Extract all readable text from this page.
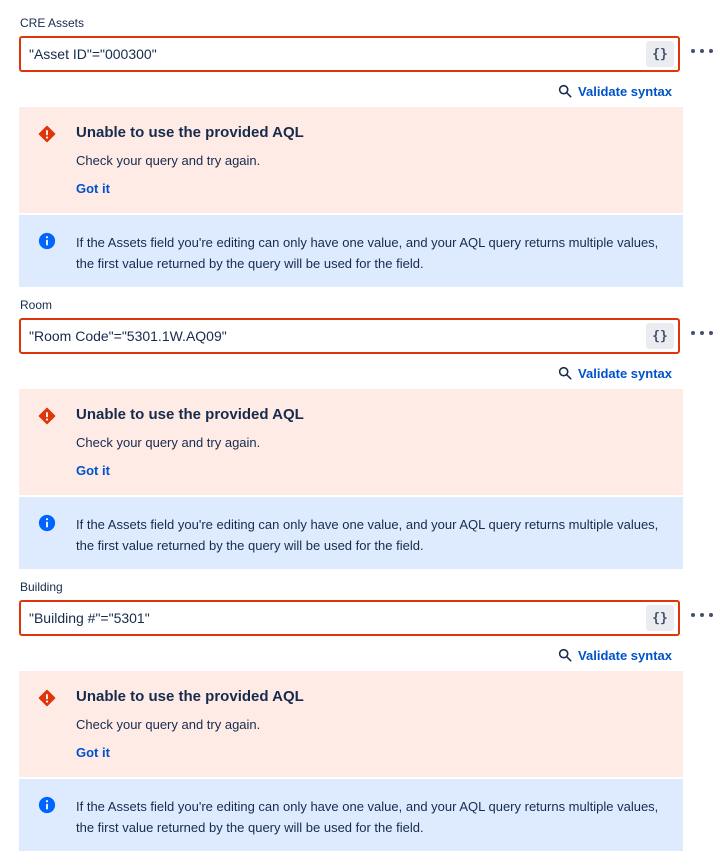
CRE Assets
"Asset ID"="000300"	{}
Validate syntax
Unable to use the provided AQL
Check your query and try again.
Got it
If the Assets field you're editing can only have one value, and your AQL query returns multiple values, the first value returned by the query will be used for the field.
Room
"Room Code"="5301.1W.AQ09"	{}
Validate syntax
Unable to use the provided AQL
Check your query and try again.
Got it
If the Assets field you're editing can only have one value, and your AQL query returns multiple values, the first value returned by the query will be used for the field.
Building
"Building #"="5301"	{}
Validate syntax
Unable to use the provided AQL
Check your query and try again.
Got it
If the Assets field you're editing can only have one value, and your AQL query returns multiple values, the first value returned by the query will be used for the field.
